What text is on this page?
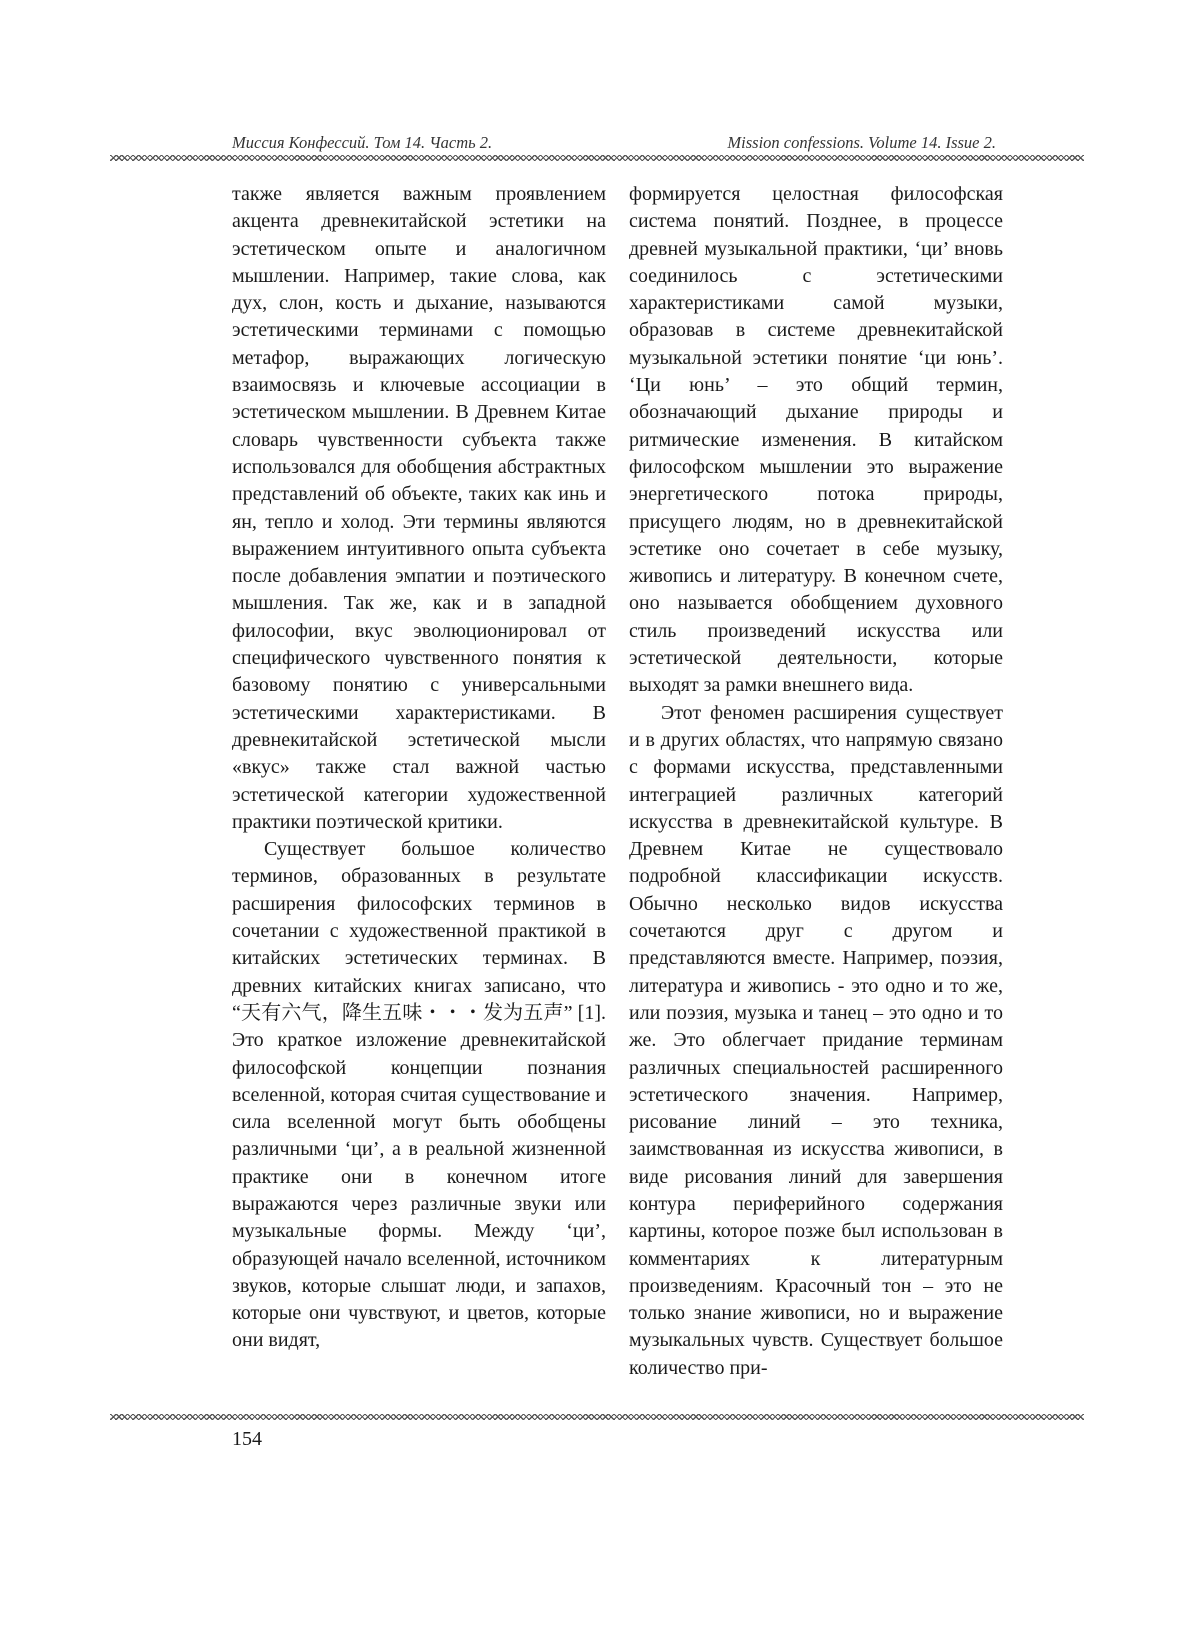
Миссия Конфессий. Том 14. Часть 2.	Mission confessions. Volume 14. Issue 2.

также является важным проявлением акцента древнекитайской эстетики на эстетическом опыте и аналогичном мышлении. Например, такие слова, как дух, слон, кость и дыхание, называются эстетическими терминами с помощью метафор, выражающих логическую взаимосвязь и ключевые ассоциации в эстетическом мышлении. В Древнем Китае словарь чувственности субъекта также использовался для обобщения абстрактных представлений об объекте, таких как инь и ян, тепло и холод. Эти термины являются выражением интуитивного опыта субъекта после добавления эмпатии и поэтического мышления. Так же, как и в западной философии, вкус эволюционировал от специфического чувственного понятия к базовому понятию с универсальными эстетическими характеристиками. В древнекитайской эстетической мысли «вкус» также стал важной частью эстетической категории художественной практики поэтической критики.

Существует большое количество терминов, образованных в результате расширения философских терминов в сочетании с художественной практикой в китайских эстетических терминах. В древних китайских книгах записано, что “天有六气，降生五味・・・发为五声” [1]. Это краткое изложение древнекитайской философской концепции познания вселенной, которая считая существование и сила вселенной могут быть обобщены различными ‘ци’, а в реальной жизненной практике они в конечном итоге выражаются через различные звуки или музыкальные формы. Между ‘ци’, образующей начало вселенной, источником звуков, которые слышат люди, и запахов, которые они чувствуют, и цветов, которые они видят,

формируется целостная философская система понятий. Позднее, в процессе древней музыкальной практики, ‘ци’ вновь соединилось с эстетическими характеристиками самой музыки, образовав в системе древнекитайской музыкальной эстетики понятие ‘ци юнь’. ‘Ци юнь’ – это общий термин, обозначающий дыхание природы и ритмические изменения. В китайском философском мышлении это выражение энергетического потока природы, присущего людям, но в древнекитайской эстетике оно сочетает в себе музыку, живопись и литературу. В конечном счете, оно называется обобщением духовного стиль произведений искусства или эстетической деятельности, которые выходят за рамки внешнего вида.

Этот феномен расширения существует и в других областях, что напрямую связано с формами искусства, представленными интеграцией различных категорий искусства в древнекитайской культуре. В Древнем Китае не существовало подробной классификации искусств. Обычно несколько видов искусства сочетаются друг с другом и представляются вместе. Например, поэзия, литература и живопись - это одно и то же, или поэзия, музыка и танец – это одно и то же. Это облегчает придание терминам различных специальностей расширенного эстетического значения. Например, рисование линий – это техника, заимствованная из искусства живописи, в виде рисования линий для завершения контура периферийного содержания картины, которое позже был использован в комментариях к литературным произведениям. Красочный тон – это не только знание живописи, но и выражение музыкальных чувств. Существует большое количество при-

154
